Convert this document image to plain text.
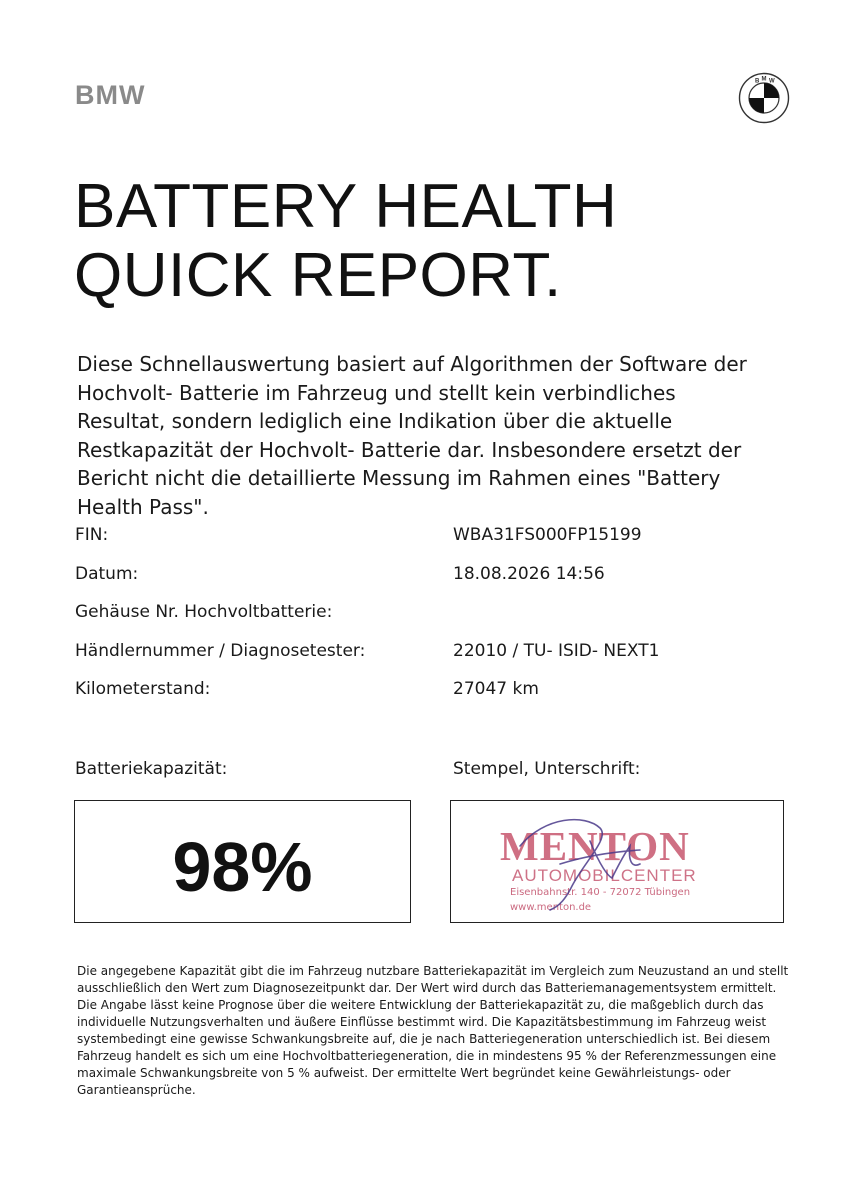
BMW	B M W
BATTERY HEALTH
QUICK REPORT.
Diese Schnellauswertung basiert auf Algorithmen der Software der Hochvolt- Batterie im Fahrzeug und stellt kein verbindliches Resultat, sondern lediglich eine Indikation über die aktuelle Restkapazität der Hochvolt- Batterie dar. Insbesondere ersetzt der Bericht nicht die detaillierte Messung im Rahmen eines "Battery Health Pass".
FIN:	WBA31FS000FP15199
Datum:	18.08.2026 14:56
Gehäuse Nr. Hochvoltbatterie:
Händlernummer / Diagnosetester:	22010 / TU- ISID- NEXT1
Kilometerstand:	27047 km
Batteriekapazität:	Stempel, Unterschrift:
98%	MENTON
AUTOMOBILCENTER
Eisenbahnstr. 140 - 72072 Tübingen
www.menton.de
Die angegebene Kapazität gibt die im Fahrzeug nutzbare Batteriekapazität im Vergleich zum Neuzustand an und stellt ausschließlich den Wert zum Diagnosezeitpunkt dar. Der Wert wird durch das Batteriemanagementsystem ermittelt. Die Angabe lässt keine Prognose über die weitere Entwicklung der Batteriekapazität zu, die maßgeblich durch das individuelle Nutzungsverhalten und äußere Einflüsse bestimmt wird. Die Kapazitätsbestimmung im Fahrzeug weist systembedingt eine gewisse Schwankungsbreite auf, die je nach Batteriegeneration unterschiedlich ist. Bei diesem Fahrzeug handelt es sich um eine Hochvoltbatteriegeneration, die in mindestens 95 % der Referenzmessungen eine maximale Schwankungsbreite von 5 % aufweist. Der ermittelte Wert begründet keine Gewährleistungs- oder Garantieansprüche.
